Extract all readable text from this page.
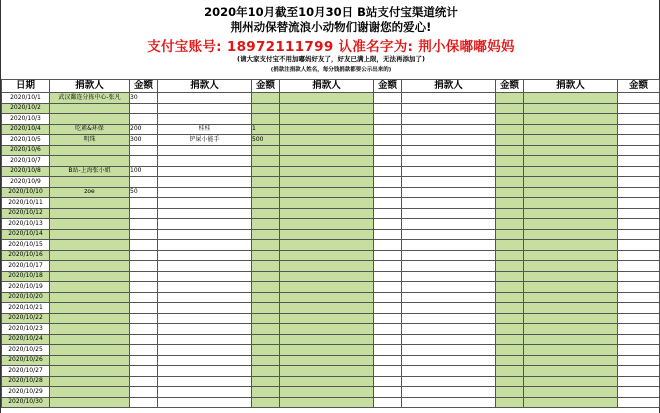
2020年10月截至10月30日 B站支付宝渠道统计
荆州动保替流浪小动物们谢谢您的爱心!
支付宝账号: 18972111799 认准名字为: 荆小保嘟嘟妈妈
(请大家支付宝不用加嘟妈好友了，好友已满上限，无法再添加了)
(捐款注捐款人姓名，每分钱捐款都要公示出来的)
日期	捐款人	金额	捐款人	金额	捐款人	金额	捐款人	金额	捐款人	金额
2020/10/1	武汉鄱连分拣中心-张凡	30								
2020/10/2										
2020/10/3										
2020/10/4	吃素&环保	200	桂桂	1						
2020/10/5	明珠	300	铲屎小能手	500						
2020/10/6										
2020/10/7										
2020/10/8	B站-上海张小姐	100								
2020/10/9										
2020/10/10	zoe	50								
2020/10/11										
2020/10/12										
2020/10/13										
2020/10/14										
2020/10/15										
2020/10/16										
2020/10/17										
2020/10/18										
2020/10/19										
2020/10/20										
2020/10/21										
2020/10/22										
2020/10/23										
2020/10/24										
2020/10/25										
2020/10/26										
2020/10/27										
2020/10/28										
2020/10/29										
2020/10/30										
